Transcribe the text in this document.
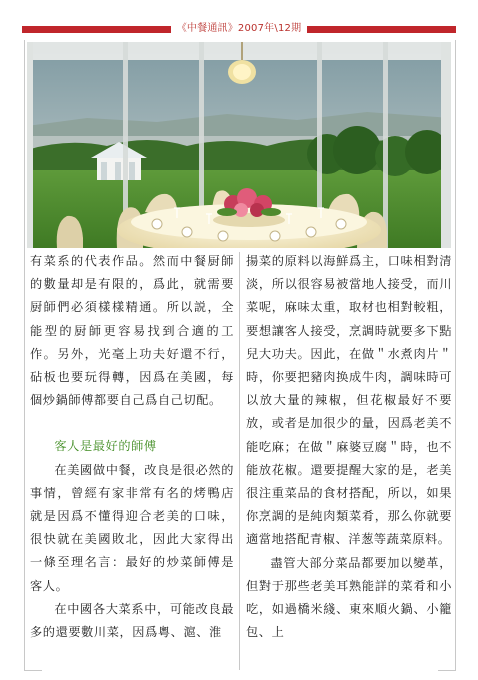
《中餐通訊》2007年\12期

有菜系的代表作品。然而中餐厨師的數量却是有限的，爲此，就需要厨師們必須樣樣精通。所以説，全能型的厨師更容易找到合適的工作。另外，光毫上功夫好還不行，砧板也要玩得轉，因爲在美國，每個炒鍋師傅都要自己爲自己切配。

客人是最好的師傅

在美國做中餐，改良是很必然的事情，曾經有家非常有名的烤鴨店就是因爲不懂得迎合老美的口味，很快就在美國敗北，因此大家得出一條至理名言：最好的炒菜師傅是客人。

在中國各大菜系中，可能改良最多的還要數川菜，因爲粵、滬、淮

揚菜的原料以海鮮爲主，口味相對清淡，所以很容易被當地人接受，而川菜呢，麻味太重，取材也相對較粗，要想讓客人接受，烹調時就要多下點兒大功夫。因此，在做＂水煮肉片＂時，你要把豬肉换成牛肉，調味時可以放大量的辣椒，但花椒最好不要放，或者是加很少的量，因爲老美不能吃麻；在做＂麻婆豆腐＂時，也不能放花椒。還要提醒大家的是，老美很注重菜品的食材搭配，所以，如果你烹調的是純肉類菜肴，那么你就要適當地搭配青椒、洋葱等蔬菜原料。

盡管大部分菜品都要加以變革，但對于那些老美耳熟能詳的菜肴和小吃，如過橋米綫、東來順火鍋、小籠包、上
